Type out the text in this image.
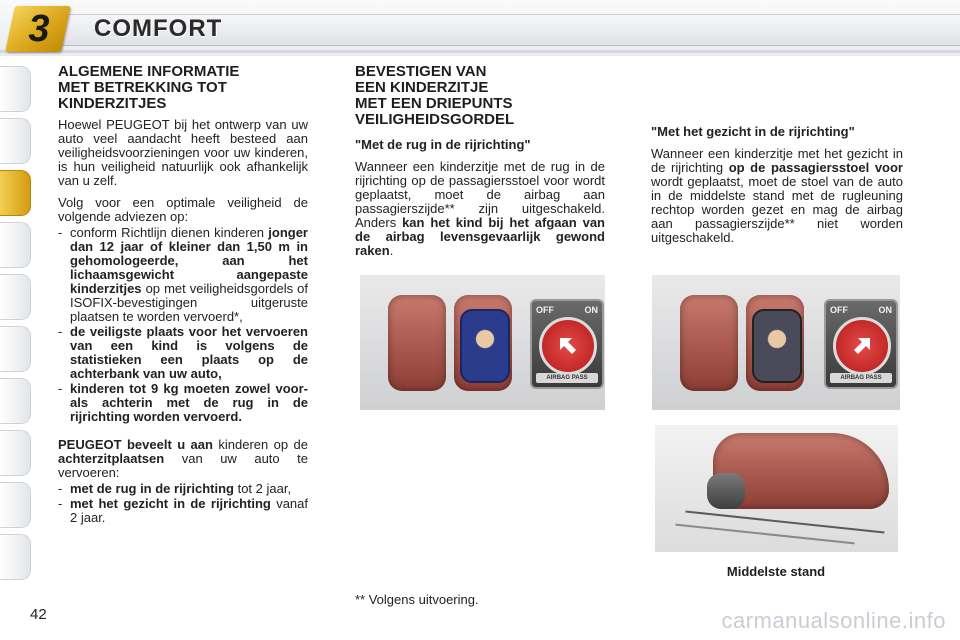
3 COMFORT
ALGEMENE INFORMATIE
MET BETREKKING TOT
KINDERZITJES

Hoewel PEUGEOT bij het ontwerp van uw auto veel aandacht heeft besteed aan veiligheidsvoorzieningen voor uw kinderen, is hun veiligheid natuurlijk ook afhankelijk van u zelf.

Volg voor een optimale veiligheid de volgende adviezen op:

- conform Richtlijn dienen kinderen jonger dan 12 jaar of kleiner dan 1,50 m in gehomologeerde, aan het lichaamsgewicht aangepaste kinderzitjes op met veiligheidsgordels of ISOFIX-bevestigingen uitgeruste plaatsen te worden vervoerd*,
- de veiligste plaats voor het vervoeren van een kind is volgens de statistieken een plaats op de achterbank van uw auto,
- kinderen tot 9 kg moeten zowel voor- als achterin met de rug in de rijrichting worden vervoerd.

PEUGEOT beveelt u aan kinderen op de achterzitplaatsen van uw auto te vervoeren:

- met de rug in de rijrichting tot 2 jaar,
- met het gezicht in de rijrichting vanaf 2 jaar.
BEVESTIGEN VAN
EEN KINDERZITJE
MET EEN DRIEPUNTS
VEILIGHEIDSGORDEL

"Met de rug in de rijrichting"

Wanneer een kinderzitje met de rug in de rijrichting op de passagiersstoel voor wordt geplaatst, moet de airbag aan passagierszijde** zijn uitgeschakeld. Anders kan het kind bij het afgaan van de airbag levensgevaarlijk gewond raken.

"Met het gezicht in de rijrichting"

Wanneer een kinderzitje met het gezicht in de rijrichting op de passagiersstoel voor wordt geplaatst, moet de stoel van de auto in de middelste stand met de rugleuning rechtop worden gezet en mag de airbag aan passagierszijde** niet worden uitgeschakeld.

OFF	ON
AIRBAG PASS
OFF	ON
AIRBAG PASS
Middelste stand
** Volgens uitvoering.
42	carmanualsonline.info
